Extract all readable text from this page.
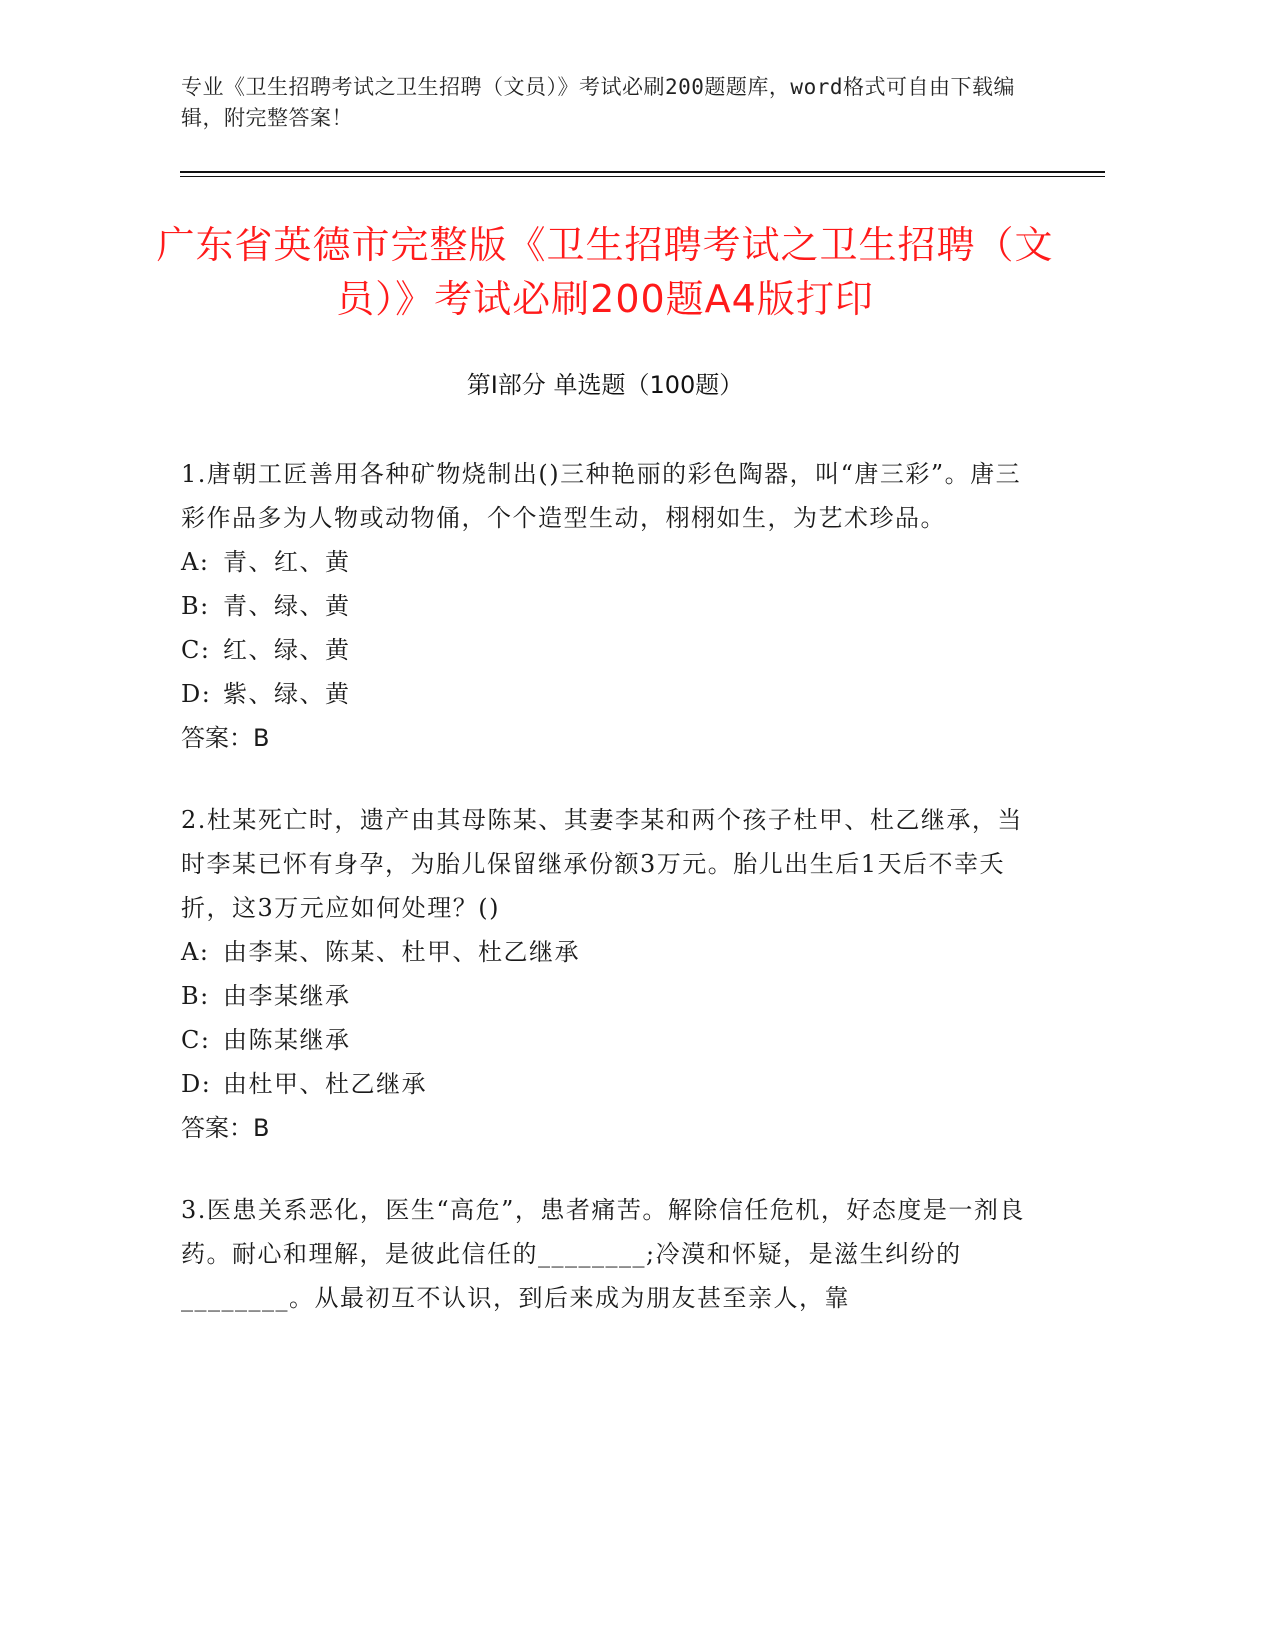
专业《卫生招聘考试之卫生招聘（文员）》考试必刷200题题库，word格式可自由下载编辑，附完整答案！
广东省英德市完整版《卫生招聘考试之卫生招聘（文员）》考试必刷200题A4版打印
第Ⅰ部分 单选题（100题）

1.唐朝工匠善用各种矿物烧制出()三种艳丽的彩色陶器，叫“唐三彩”。唐三彩作品多为人物或动物俑，个个造型生动，栩栩如生，为艺术珍品。

A: 青、红、黄

B: 青、绿、黄

C: 红、绿、黄

D: 紫、绿、黄

答案：B

2.杜某死亡时，遗产由其母陈某、其妻李某和两个孩子杜甲、杜乙继承，当时李某已怀有身孕，为胎儿保留继承份额3万元。胎儿出生后1天后不幸夭折，这3万元应如何处理？()

A: 由李某、陈某、杜甲、杜乙继承

B: 由李某继承

C: 由陈某继承

D: 由杜甲、杜乙继承

答案：B

3.医患关系恶化，医生“高危”，患者痛苦。解除信任危机，好态度是一剂良药。耐心和理解，是彼此信任的________;冷漠和怀疑，是滋生纠纷的________。从最初互不认识，到后来成为朋友甚至亲人，靠
